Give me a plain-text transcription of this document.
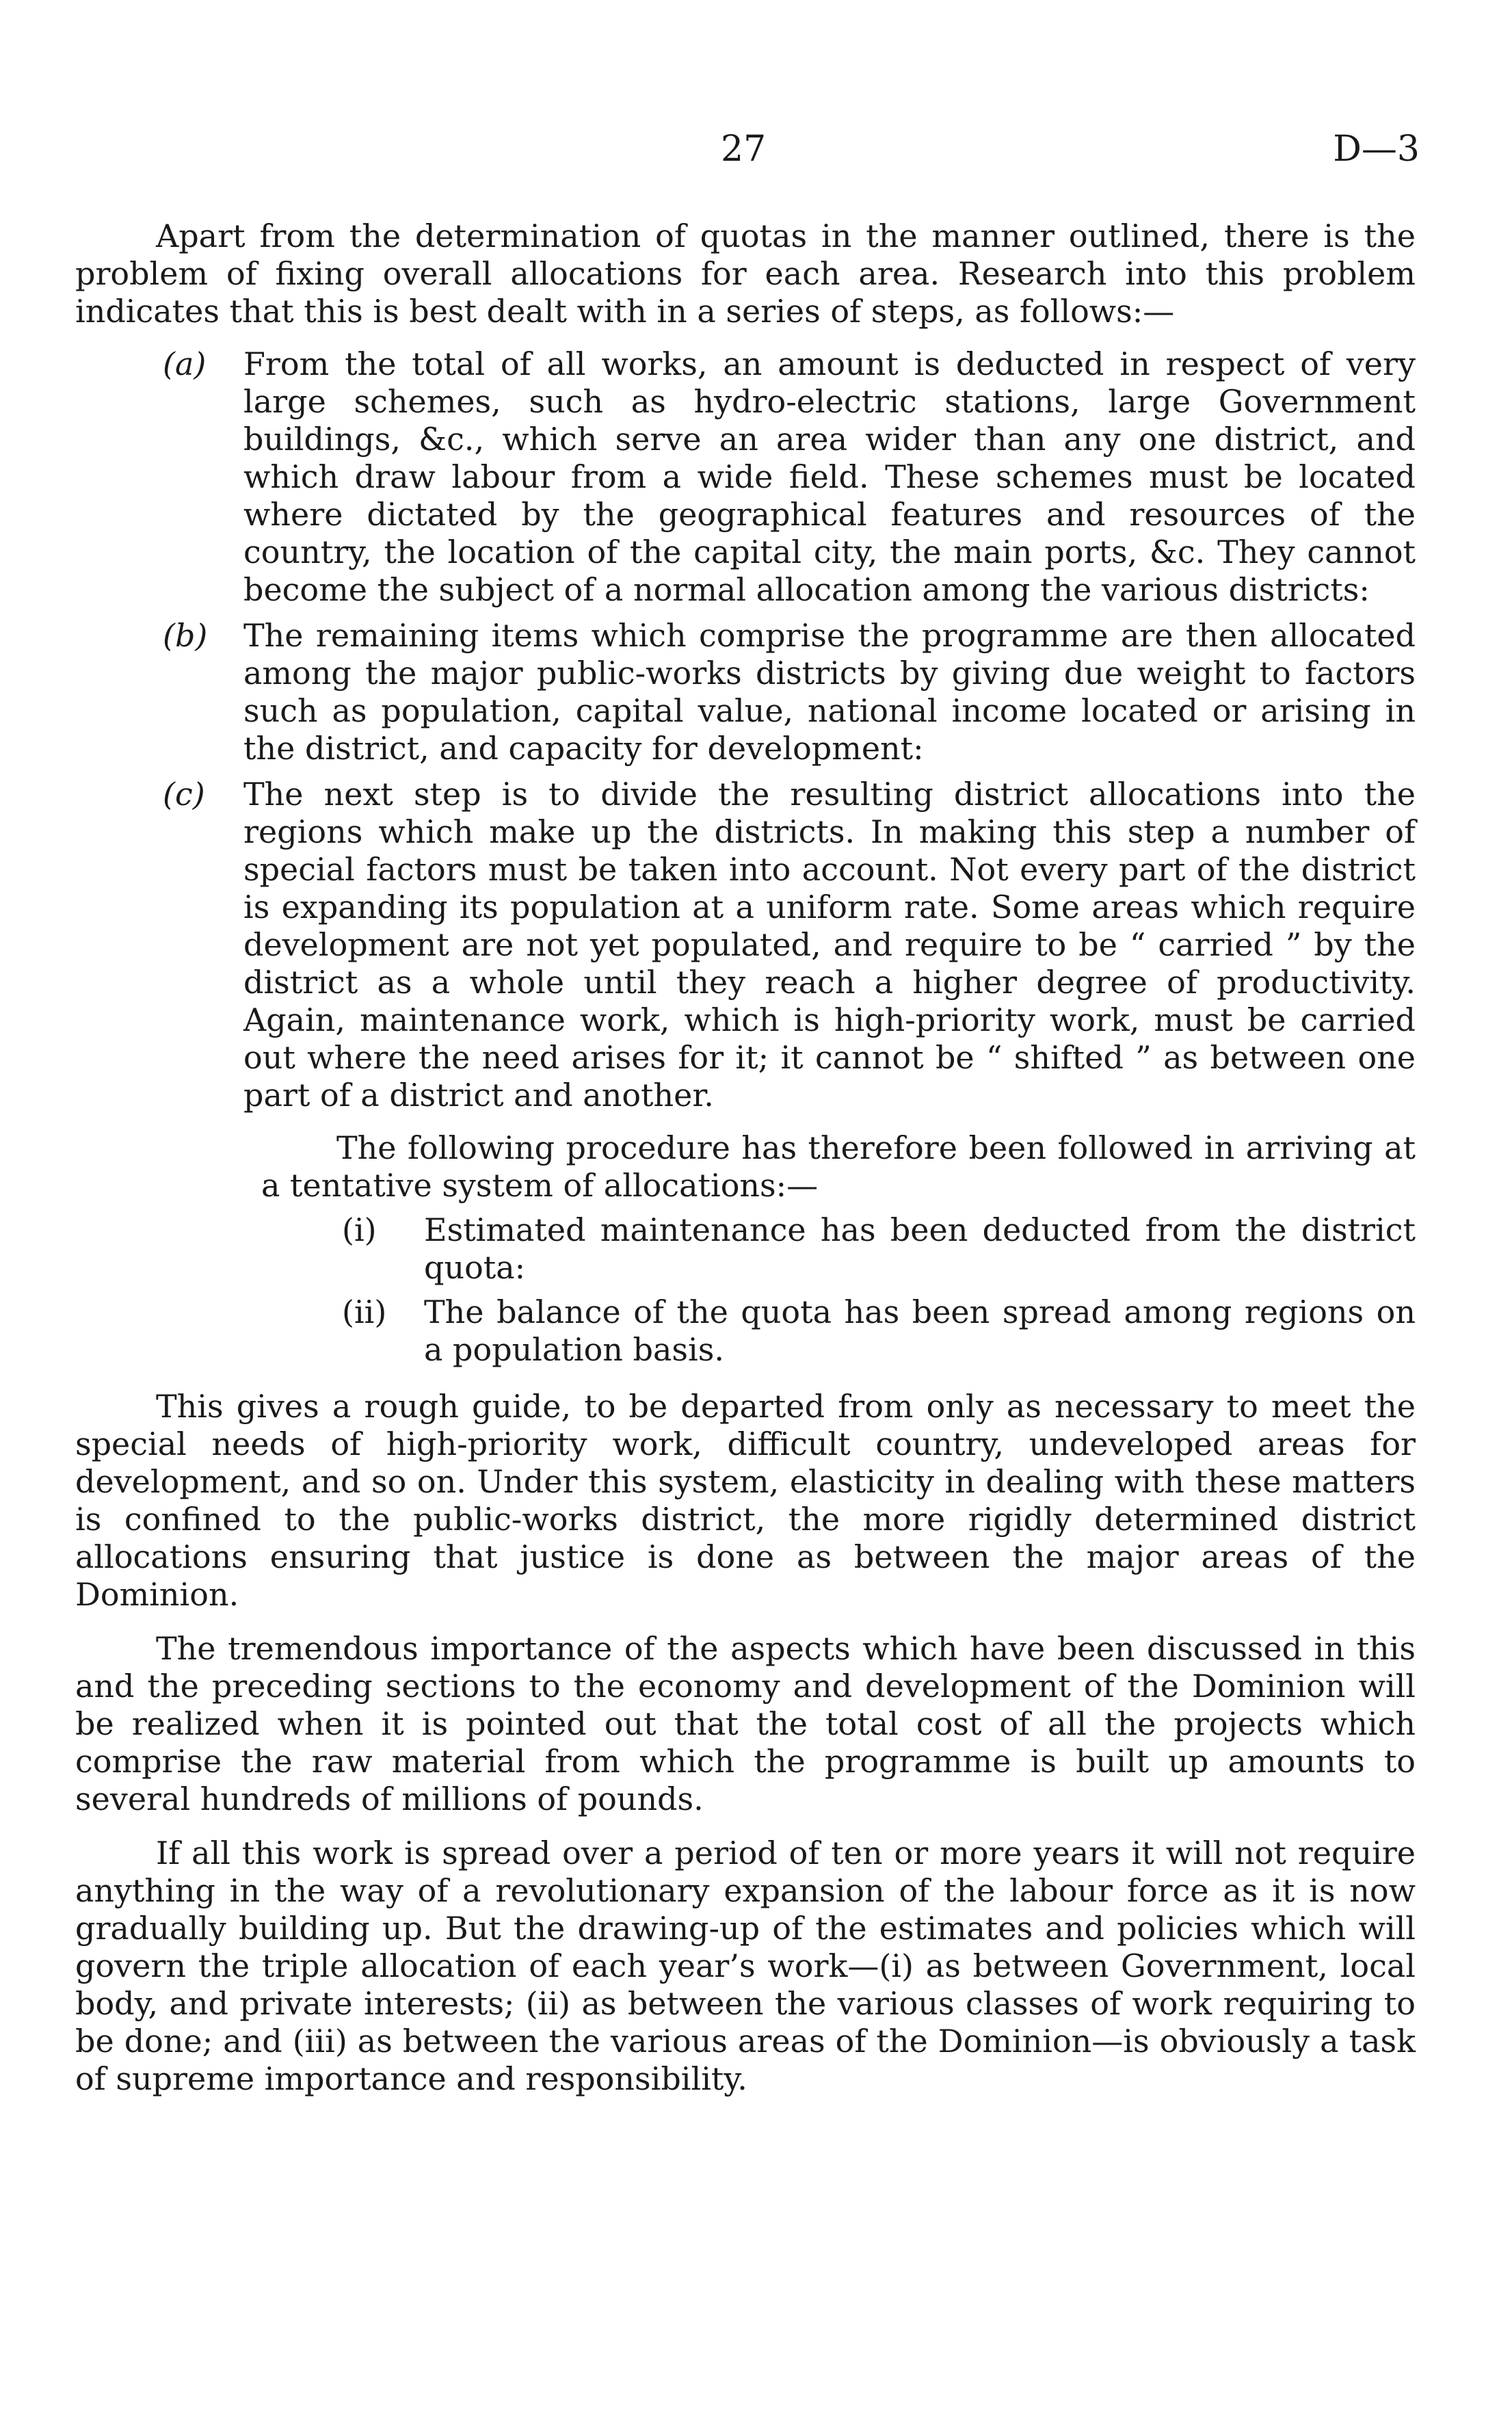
27	D—3

Apart from the determination of quotas in the manner outlined, there is the problem of fixing overall allocations for each area. Research into this problem indicates that this is best dealt with in a series of steps, as follows:—

(a)	From the total of all works, an amount is deducted in respect of very large schemes, such as hydro-electric stations, large Government buildings, &c., which serve an area wider than any one district, and which draw labour from a wide field. These schemes must be located where dictated by the geographical features and resources of the country, the location of the capital city, the main ports, &c. They cannot become the subject of a normal allocation among the various districts:
(b)	The remaining items which comprise the programme are then allocated among the major public-works districts by giving due weight to factors such as population, capital value, national income located or arising in the district, and capacity for development:
(c)	The next step is to divide the resulting district allocations into the regions which make up the districts. In making this step a number of special factors must be taken into account. Not every part of the district is expanding its population at a uniform rate. Some areas which require development are not yet populated, and require to be “ carried ” by the district as a whole until they reach a higher degree of productivity. Again, maintenance work, which is high-priority work, must be carried out where the need arises for it; it cannot be “ shifted ” as between one part of a district and another.

The following procedure has therefore been followed in arriving at a tentative system of allocations:—

(i)	Estimated maintenance has been deducted from the district quota:
(ii)	The balance of the quota has been spread among regions on a population basis.

This gives a rough guide, to be departed from only as necessary to meet the special needs of high-priority work, difficult country, undeveloped areas for development, and so on. Under this system, elasticity in dealing with these matters is confined to the public-works district, the more rigidly determined district allocations ensuring that justice is done as between the major areas of the Dominion.

The tremendous importance of the aspects which have been discussed in this and the preceding sections to the economy and development of the Dominion will be realized when it is pointed out that the total cost of all the projects which comprise the raw material from which the programme is built up amounts to several hundreds of millions of pounds.

If all this work is spread over a period of ten or more years it will not require anything in the way of a revolutionary expansion of the labour force as it is now gradually building up. But the drawing-up of the estimates and policies which will govern the triple allocation of each year’s work—(i) as between Government, local body, and private interests; (ii) as between the various classes of work requiring to be done; and (iii) as between the various areas of the Dominion—is obviously a task of supreme importance and responsibility.
